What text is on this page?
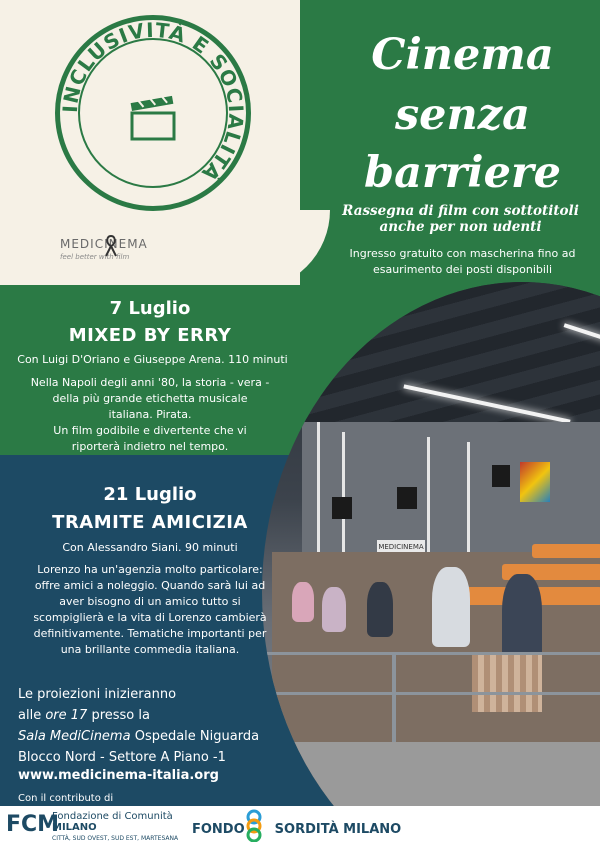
MEDICINEMA
INCLUSIVITÀ E SOCIALITÀ
MEDICINEMA
feel better with film
Cinema
senza
barriere
Rassegna di film con sottotitoli
anche per non udenti
Ingresso gratuito con mascherina fino ad
esaurimento dei posti disponibili
7 Luglio
MIXED BY ERRY
Con Luigi D'Oriano e Giuseppe Arena. 110 minuti
Nella Napoli degli anni '80, la storia - vera -
della più grande etichetta musicale
italiana. Pirata.
Un film godibile e divertente che vi
riporterà indietro nel tempo.
21 Luglio
TRAMITE AMICIZIA
Con Alessandro Siani. 90 minuti
Lorenzo ha un'agenzia molto particolare:
offre amici a noleggio. Quando sarà lui ad
aver bisogno di un amico tutto si
scompiglierà e la vita di Lorenzo cambierà
definitivamente. Tematiche importanti per
una brillante commedia italiana.
Le proiezioni inizieranno
alle ore 17 presso la
Sala MediCinema Ospedale Niguarda
Blocco Nord - Settore A Piano -1
www.medicinema-italia.org
Con il contributo di
FCM
Fondazione di Comunità
MILANO
CITTÀ, SUD OVEST, SUD EST, MARTESANA
FONDO SORDITÀ MILANO
